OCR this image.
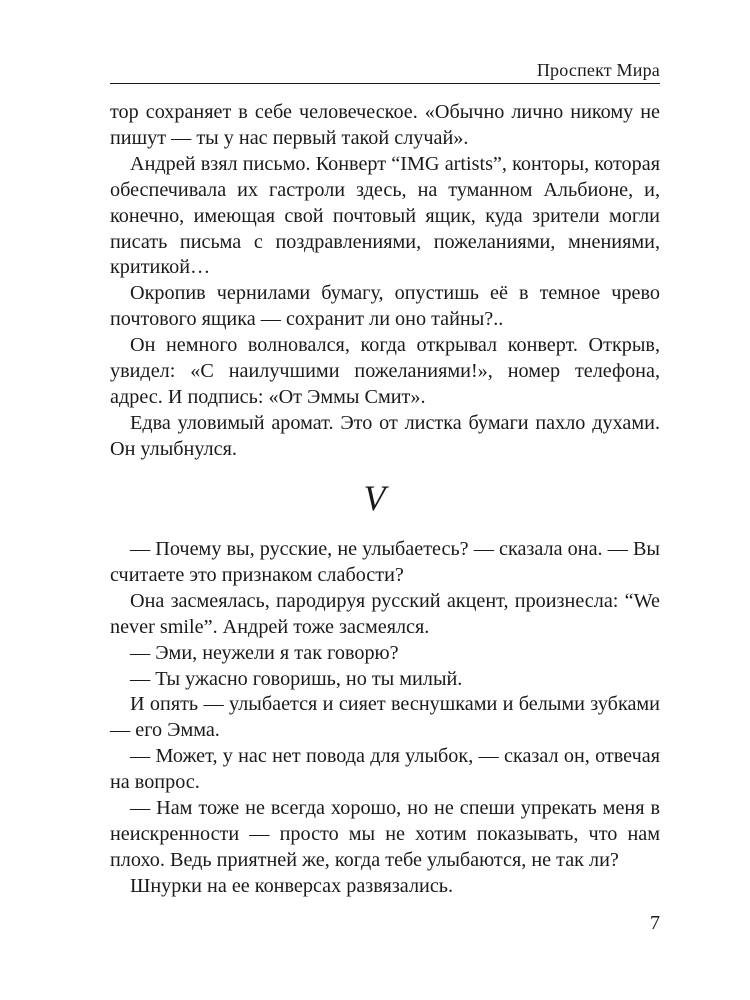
Проспект Мира

тор сохраняет в себе человеческое. «Обычно лично никому не пишут — ты у нас первый такой случай».

Андрей взял письмо. Конверт “IMG artists”, конторы, которая обеспечивала их гастроли здесь, на туманном Альбионе, и, конечно, имеющая свой почтовый ящик, куда зрители могли писать письма с поздравлениями, пожеланиями, мнениями, критикой…

Окропив чернилами бумагу, опустишь её в темное чрево почтового ящика — сохранит ли оно тайны?..

Он немного волновался, когда открывал конверт. Открыв, увидел: «С наилучшими пожеланиями!», номер телефона, адрес. И подпись: «От Эммы Смит».

Едва уловимый аромат. Это от листка бумаги пахло духами. Он улыбнулся.

V

— Почему вы, русские, не улыбаетесь? — сказала она. — Вы считаете это признаком слабости?

Она засмеялась, пародируя русский акцент, произнесла: “We never smile”. Андрей тоже засмеялся.

— Эми, неужели я так говорю?

— Ты ужасно говоришь, но ты милый.

И опять — улыбается и сияет веснушками и белыми зубками — его Эмма.

— Может, у нас нет повода для улыбок, — сказал он, отвечая на вопрос.

— Нам тоже не всегда хорошо, но не спеши упрекать меня в неискренности — просто мы не хотим показывать, что нам плохо. Ведь приятней же, когда тебе улыбаются, не так ли?

Шнурки на ее конверсах развязались.

7
